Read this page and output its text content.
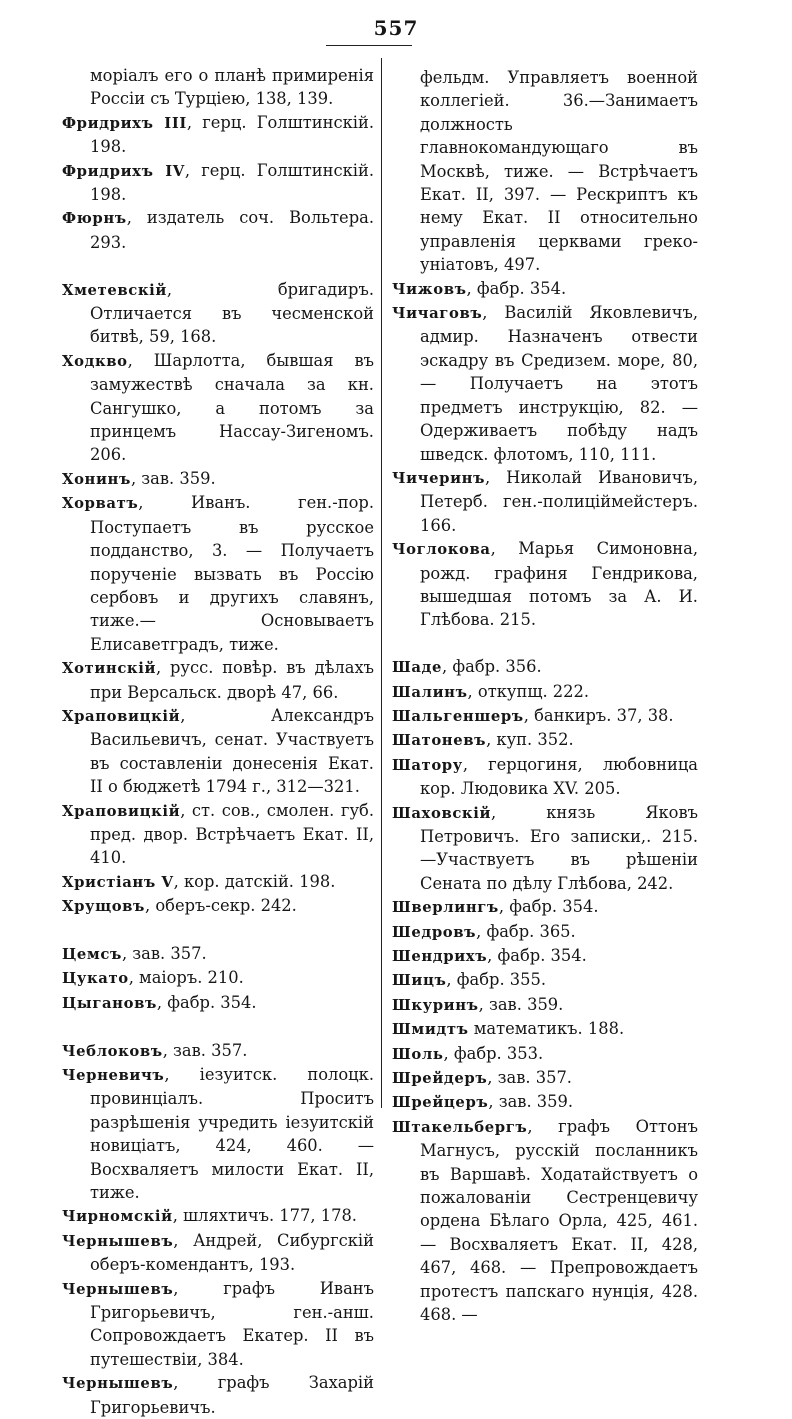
557

моріалъ его о планѣ примиренія Россіи съ Турціею, 138, 139.

Фридрихъ III, герц. Голштинскій. 198.

Фридрихъ IV, герц. Голштинскій. 198.

Фюрнъ, издатель соч. Вольтера. 293.

Хметевскій, бригадиръ. Отличается въ чесменской битвѣ, 59, 168.

Ходкво, Шарлотта, бывшая въ замужествѣ сначала за кн. Сангушко, а потомъ за принцемъ Нассау-Зигеномъ. 206.

Хонинъ, зав. 359.

Хорватъ, Иванъ. ген.-пор. Поступаетъ въ русское подданство, 3. — Получаетъ порученіе вызвать въ Россію сербовъ и другихъ славянъ, тиже.— Основываетъ Елисаветградъ, тиже.

Хотинскій, русс. повѣр. въ дѣлахъ при Версальск. дворѣ 47, 66.

Храповицкій, Александръ Васильевичъ, сенат. Участвуетъ въ составленіи донесенія Екат. II о бюджетѣ 1794 г., 312—321.

Храповицкій, ст. сов., смолен. губ. пред. двор. Встрѣчаетъ Екат. II, 410.

Христіанъ V, кор. датскій. 198.

Хрущовъ, оберъ-секр. 242.

Цемсъ, зав. 357.

Цукато, маіоръ. 210.

Цыгановъ, фабр. 354.

Чеблоковъ, зав. 357.

Черневичъ, іезуитск. полоцк. провинціалъ. Проситъ разрѣшенія учредить іезуитскій новиціатъ, 424, 460. — Восхваляетъ милости Екат. II, тиже.

Чирномскій, шляхтичъ. 177, 178.

Чернышевъ, Андрей, Сибургскій оберъ-комендантъ, 193.

Чернышевъ, графъ Иванъ Григорьевичъ, ген.-анш. Сопровождаетъ Екатер. II въ путешествіи, 384.

Чернышевъ, графъ Захарій Григорьевичъ.

фельдм. Управляетъ военной коллегіей. 36.—Занимаетъ должность главнокомандующаго въ Москвѣ, тиже. — Встрѣчаетъ Екат. II, 397. — Рескриптъ къ нему Екат. II относительно управленія церквами греко-уніатовъ, 497.

Чижовъ, фабр. 354.

Чичаговъ, Василій Яковлевичъ, адмир. Назначенъ отвести эскадру въ Средизем. море, 80, — Получаетъ на этотъ предметъ инструкцію, 82. — Одерживаетъ побѣду надъ шведск. флотомъ, 110, 111.

Чичеринъ, Николай Ивановичъ, Петерб. ген.-полиціймейстеръ. 166.

Чоглокова, Марья Симоновна, рожд. графиня Гендрикова, вышедшая потомъ за А. И. Глѣбова. 215.

Шаде, фабр. 356.

Шалинъ, откупщ. 222.

Шальгеншеръ, банкиръ. 37, 38.

Шатоневъ, куп. 352.

Шатору, герцогиня, любовница кор. Людовика XV. 205.

Шаховскій, князь Яковъ Петровичъ. Его записки,. 215.—Участвуетъ въ рѣшеніи Сената по дѣлу Глѣбова, 242.

Шверлингъ, фабр. 354.

Шедровъ, фабр. 365.

Шендрихъ, фабр. 354.

Шицъ, фабр. 355.

Шкуринъ, зав. 359.

Шмидтъ математикъ. 188.

Шоль, фабр. 353.

Шрейдеръ, зав. 357.

Шрейцеръ, зав. 359.

Штакельбергъ, графъ Оттонъ Магнусъ, русскій посланникъ въ Варшавѣ. Ходатайствуетъ о пожалованіи Сестренцевичу ордена Бѣлаго Орла, 425, 461. — Восхваляетъ Екат. II, 428, 467, 468. — Препровождаетъ протестъ папскаго нунція, 428. 468. —
